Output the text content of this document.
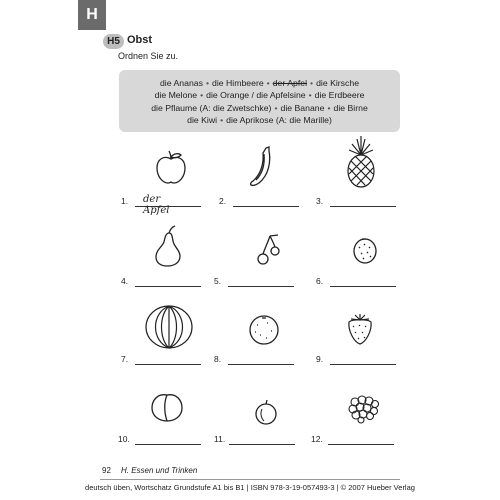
H
H5 Obst
Ordnen Sie zu.
die Ananas • die Himbeere • der Apfel • die Kirsche
die Melone • die Orange / die Apfelsine • die Erdbeere
die Pflaume (A: die Zwetschke) • die Banane • die Birne
die Kiwi • die Aprikose (A: die Marille)
1. der Apfel
2.	3.
4.	5.	6.
7.	8.	9.
10.	11.	12.
92 H. Essen und Trinken
deutsch üben, Wortschatz Grundstufe A1 bis B1 | ISBN 978-3-19-057493-3 | © 2007 Hueber Verlag
